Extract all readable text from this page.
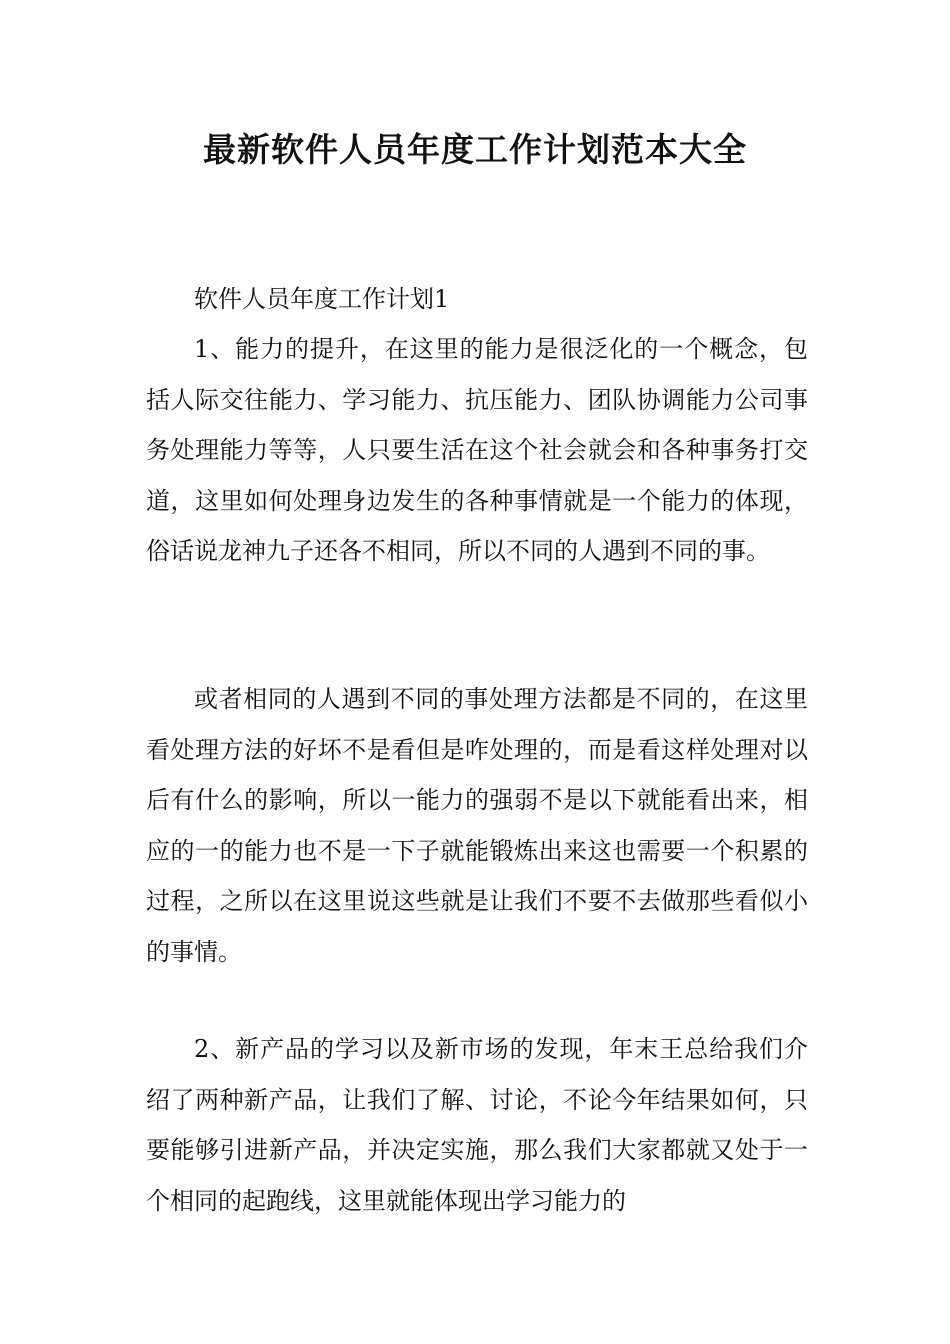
最新软件人员年度工作计划范本大全

软件人员年度工作计划1

1、能力的提升，在这里的能力是很泛化的一个概念，包括人际交往能力、学习能力、抗压能力、团队协调能力公司事务处理能力等等，人只要生活在这个社会就会和各种事务打交道，这里如何处理身边发生的各种事情就是一个能力的体现，俗话说龙神九子还各不相同，所以不同的人遇到不同的事。

或者相同的人遇到不同的事处理方法都是不同的，在这里看处理方法的好坏不是看但是咋处理的，而是看这样处理对以后有什么的影响，所以一能力的强弱不是以下就能看出来，相应的一的能力也不是一下子就能锻炼出来这也需要一个积累的过程，之所以在这里说这些就是让我们不要不去做那些看似小的事情。

2、新产品的学习以及新市场的发现，年末王总给我们介绍了两种新产品，让我们了解、讨论，不论今年结果如何，只要能够引进新产品，并决定实施，那么我们大家都就又处于一个相同的起跑线，这里就能体现出学习能力的
